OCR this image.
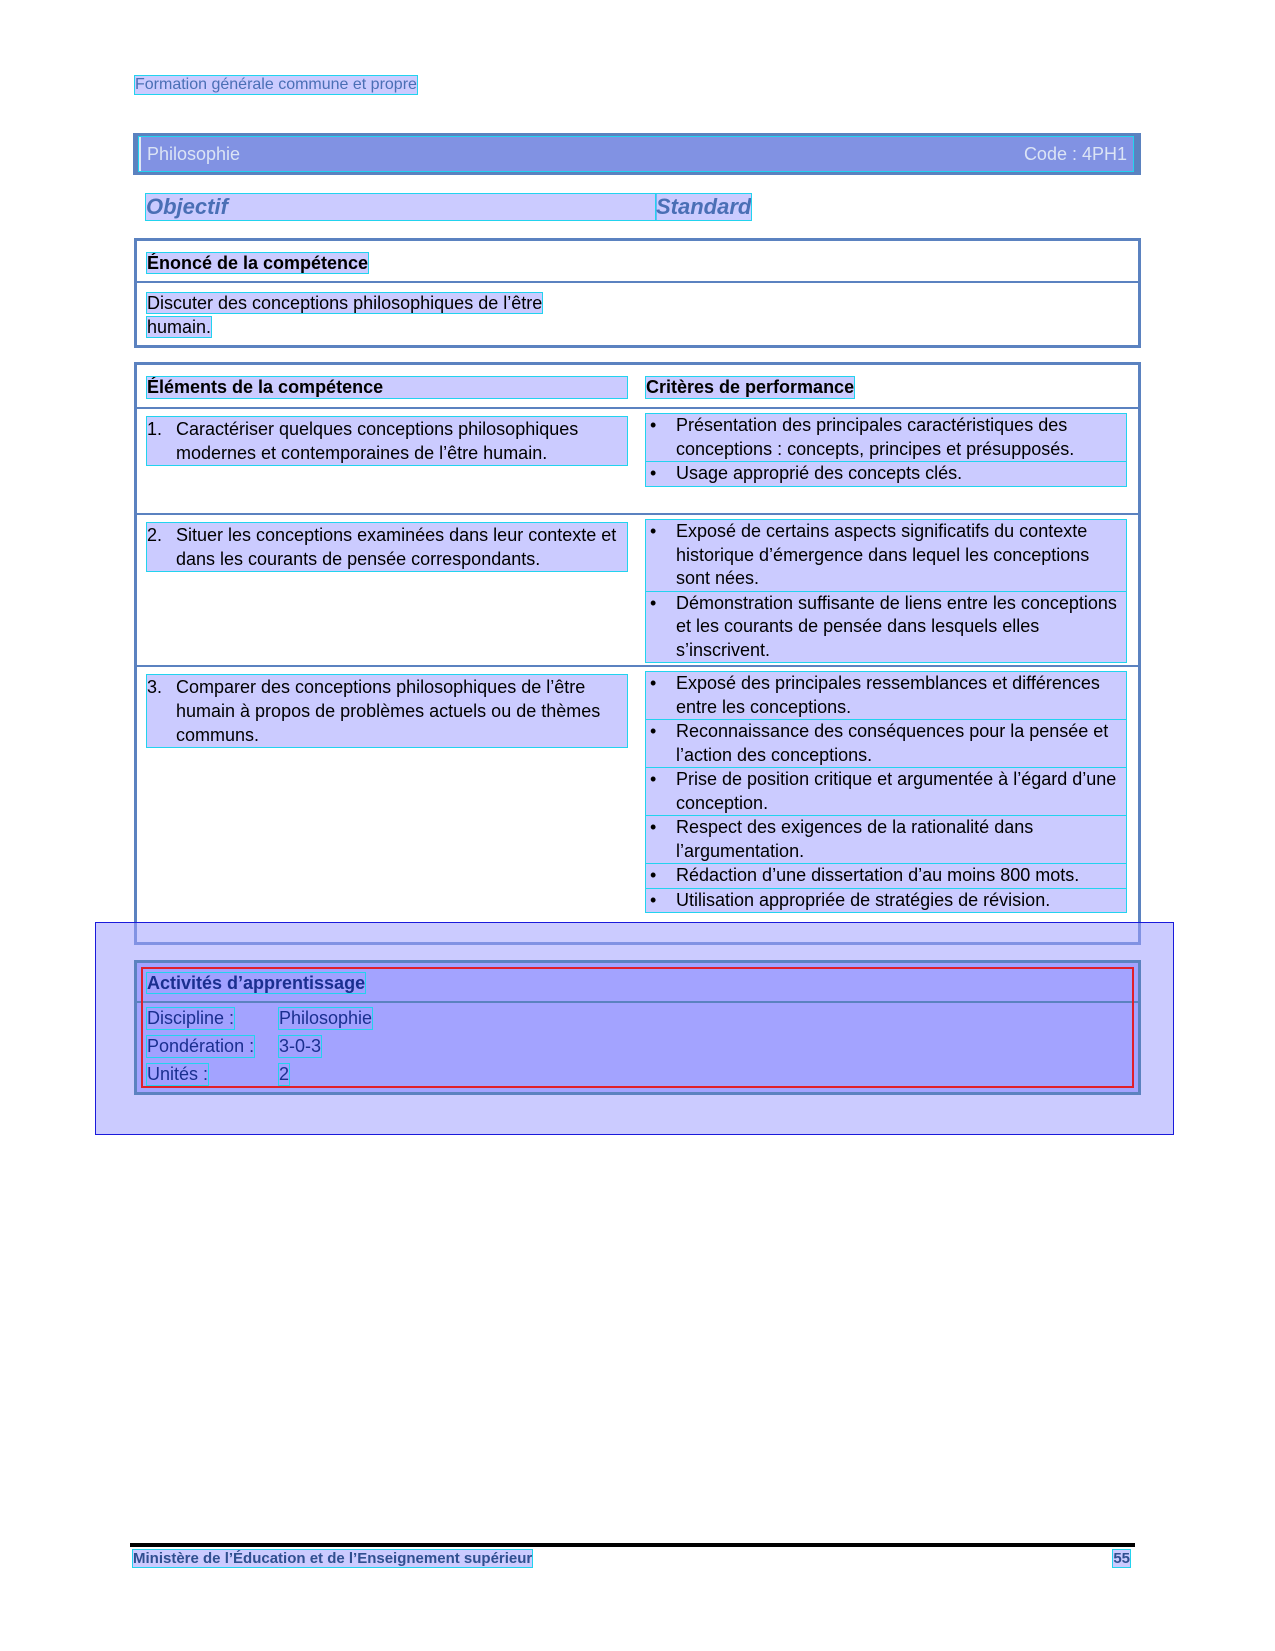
Formation générale commune et propre
Philosophie	Code : 4PH1
Objectif	Standard
Énoncé de la compétence
Discuter des conceptions philosophiques de l’être humain.
Éléments de la compétence	Critères de performance
1. Caractériser quelques conceptions philosophiques modernes et contemporaines de l’être humain.
• Présentation des principales caractéristiques des conceptions : concepts, principes et présupposés.
• Usage approprié des concepts clés.
2. Situer les conceptions examinées dans leur contexte et dans les courants de pensée correspondants.
• Exposé de certains aspects significatifs du contexte historique d’émergence dans lequel les conceptions sont nées.
• Démonstration suffisante de liens entre les conceptions et les courants de pensée dans lesquels elles s’inscrivent.
3. Comparer des conceptions philosophiques de l’être humain à propos de problèmes actuels ou de thèmes communs.
• Exposé des principales ressemblances et différences entre les conceptions.
• Reconnaissance des conséquences pour la pensée et l’action des conceptions.
• Prise de position critique et argumentée à l’égard d’une conception.
• Respect des exigences de la rationalité dans l’argumentation.
• Rédaction d’une dissertation d’au moins 800 mots.
• Utilisation appropriée de stratégies de révision.
Activités d’apprentissage
Discipline : Philosophie
Pondération : 3-0-3
Unités :	2
Ministère de l’Éducation et de l’Enseignement supérieur	55
